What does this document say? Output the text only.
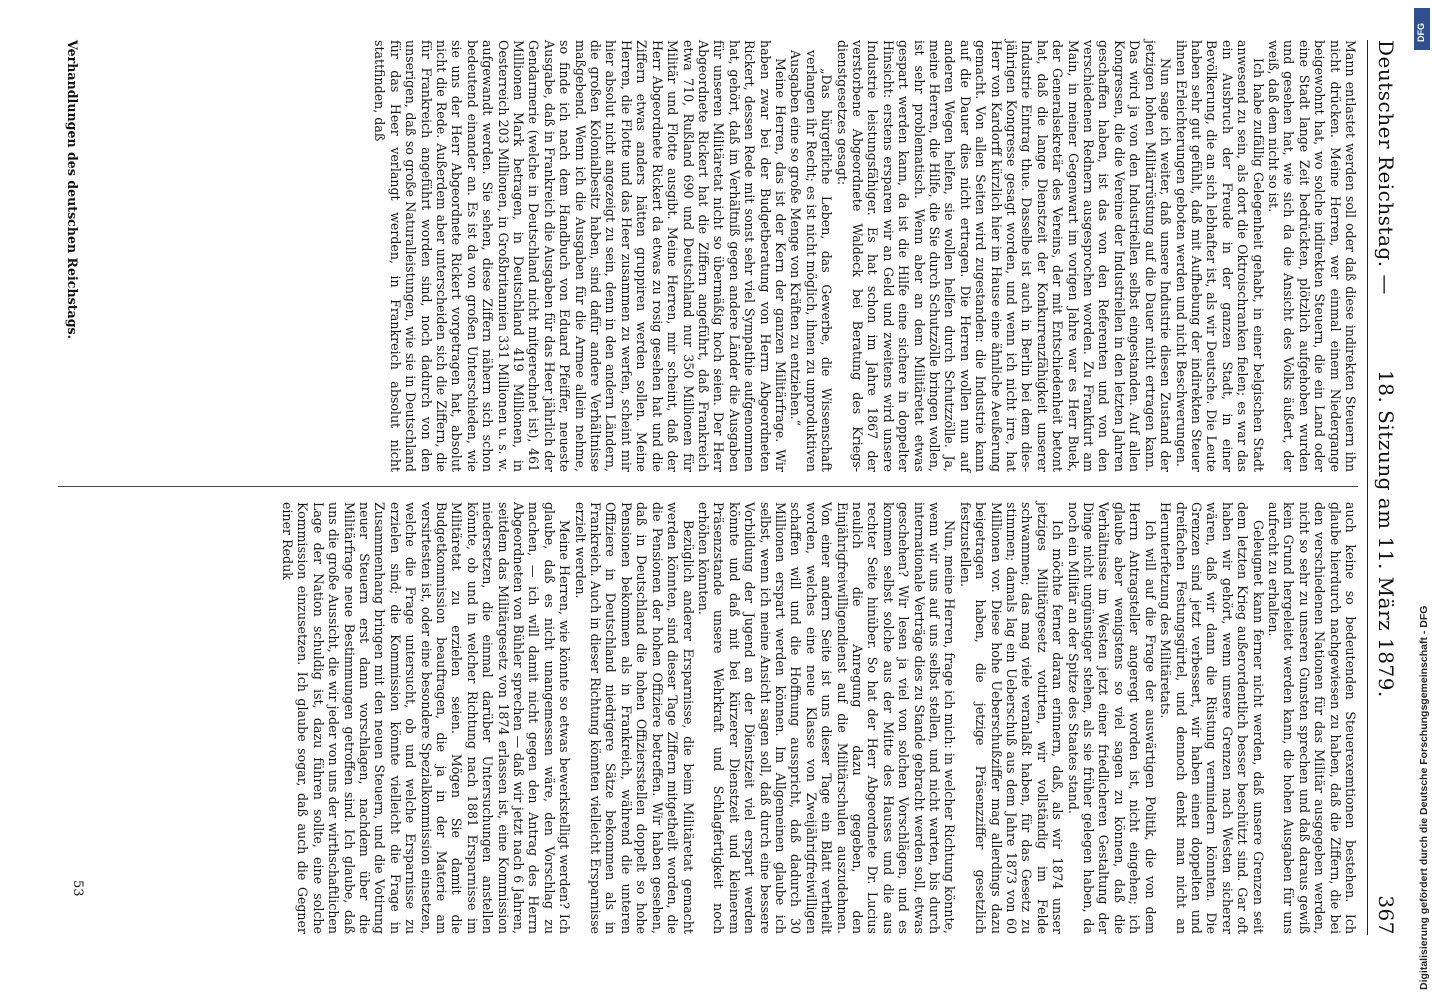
Deutscher Reichstag. —
18. Sitzung am 11. März 1879.
367

Mann entlastet werden soll oder daß diese indirekten Steuern ihn nicht drücken. Meine Herren, wer einmal einem Niedergange beigewohnt hat, wo solche indirekten Steuern, die ein Land oder eine Stadt lange Zeit bedrückten, plötzlich aufgehoben wurden und gesehen hat, wie sich da die Ansicht des Volks äußert, der weiß, daß dem nicht so ist.

Ich habe zufällig Gelegenheit gehabt, in einer belgischen Stadt anwesend zu sein, als dort die Oktroischranken fielen; es war das ein Ausbruch der Freude in der ganzen Stadt, in einer Bevölkerung, die an sich lebhafter ist, als wir Deutsche. Die Leute haben sehr gut gefühlt, daß mit Aufhebung der indirekten Steuer ihnen Erleichterungen geboten werden und nicht Beschwerungen.

Nun sage ich weiter, daß unsere Industrie diesen Zustand der jetzigen hohen Militärrüstung auf die Dauer nicht ertragen kann. Das wird ja von den Industriellen selbst eingestanden. Auf allen Kongressen, die die Vereine der Industriellen in den letzten Jahren geschaffen haben, ist das von den Referenten und von den verschiedenen Rednern ausgesprochen worden. Zu Frankfurt am Main, in meiner Gegenwart im vorigen Jahre war es Herr Buek, der Generalsekretär des Vereins, der mit Entschiedenheit betont hat, daß die lange Dienstzeit der Konkurrenzfähigkeit unserer Industrie Eintrag thue. Dasselbe ist auch in Berlin bei dem diesjährigen Kongresse gesagt worden, und wenn ich nicht irre, hat Herr von Kardorff kürzlich hier im Hause eine ähnliche Aeußerung gemacht. Von allen Seiten wird zugestanden: die Industrie kann auf die Dauer dies nicht ertragen. Die Herren wollen nun auf anderen Wegen helfen, sie wollen helfen durch Schutzzölle. Ja, meine Herren, die Hilfe, die Sie durch Schutzzölle bringen wollen, ist sehr problematisch. Wenn aber an dem Militäretat etwas gespart werden kann, da ist die Hilfe eine sichere in doppelter Hinsicht: erstens ersparen wir an Geld und zweitens wird unsere Industrie leistungsfähiger. Es hat schon im Jahre 1867 der verstorbene Abgeordnete Waldeck bei Beratung des Kriegsdienstgesetzes gesagt:

„Das bürgerliche Leben, das Gewerbe, die Wissenschaft verlangen ihr Recht; es ist nicht möglich, ihnen zu unproduktiven Ausgaben eine so große Menge von Kräften zu entziehen.“

Meine Herren, das ist der Kern der ganzen Militärfrage. Wir haben zwar bei der Budgetberatung von Herrn Abgeordneten Rickert, dessen Rede mit sonst sehr viel Sympathie aufgenommen hat, gehört, daß im Verhältniß gegen andere Länder die Ausgaben für unseren Militäretat nicht so übermäßig hoch seien. Der Herr Abgeordnete Rickert hat die Ziffern angeführt, daß Frankreich etwa 710, Rußland 690 und Deutschland nur 350 Millionen für Militär und Flotte ausgibt. Meine Herren, mir scheint, daß der Herr Abgeordnete Rickert da etwas zu rosig gesehen hat und die Ziffern etwas anders hätten gruppiren werden sollen. Meine Herren, die Flotte und das Heer zusammen zu werfen, scheint mir hier absolut nicht angezeigt zu sein, denn in den andern Ländern, die großen Kolonialbesitz haben, sind dafür andere Verhältnisse maßgebend. Wenn ich die Ausgaben für die Armee allein nehme, so finde ich nach dem Handbuch von Eduard Pfeiffer, neueste Ausgabe, daß in Frankreich die Ausgaben für das Heer jährlich der Gendarmerie (welche in Deutschland nicht mitgerechnet ist), 461 Millionen Mark betragen, in Deutschland 419 Millionen, in Oesterreich 203 Millionen, in Großbritannien 331 Millionen u. s. w. aufgewandt werden. Sie sehen, diese Ziffern nähern sich schon bedeutend einander an. Es ist da von großen Unterschieden, wie sie uns der Herr Abgeordnete Rickert vorgetragen hat, absolut nicht die Rede. Außerdem aber unterscheiden sich die Ziffern, die für Frankreich angeführt worden sind, noch dadurch von den unserigen, daß so große Naturalleistungen, wie sie in Deutschland für das Heer verlangt werden, in Frankreich absolut nicht stattfinden, daß

auch keine so bedeutenden Steuerexemtionen bestehen. Ich glaube hierdurch nachgewiesen zu haben, daß die Ziffern, die bei den verschiedenen Nationen für das Militär ausgegeben werden, nicht so sehr zu unseren Gunsten sprechen und daß daraus gewiß kein Grund hergeleitet werden kann, die hohen Ausgaben für uns aufrecht zu erhalten.

Geleugnet kann ferner nicht werden, daß unsere Grenzen seit dem letzten Krieg außerordentlich besser beschützt sind. Gar oft haben wir gehört, wenn unsere Grenzen nach Westen sicherer wären, daß wir dann die Rüstung vermindern könnten. Die Grenzen sind jetzt verbessert, wir haben einen doppelten und dreifachen Festungsgürtel, und dennoch denkt man nicht an Herunterfetzung des Militäretats.

Ich will auf die Frage der auswärtigen Politik, die von dem Herrn Antragsteller angeregt worden ist, nicht eingehen; ich glaube aber wenigstens so viel sagen zu können, daß die Verhältnisse im Westen jetzt einer friedlicheren Gestaltung der Dinge nicht ungünstiger stehen, als sie früher gelegen haben, da noch ein Militär an der Spitze des Staates stand.

Ich möchte ferner daran erinnern, daß, als wir 1874 unser jetziges Militärgesetz votirten, wir vollständig im Felde schwammen; das mag viele veranlaßt haben, für das Gesetz zu stimmen; damals lag ein Ueberschuß aus dem Jahre 1873 von 60 Millionen vor. Diese hohe Ueberschußziffer mag allerdings dazu beigetragen haben, die jetzige Präsenzziffer gesetzlich festzustellen.

Nun, meine Herren, frage ich mich: in welcher Richtung könnte, wenn wir uns auf uns selbst stellen, und nicht warten, bis durch internationale Verträge dies zu Stande gebracht werden soll, etwas geschehen? Wir lesen ja viel von solchen Vorschlägen, und es kommen selbst solche aus der Mitte des Hauses und die aus rechter Seite hinüber. So hat der Herr Abgeordnete Dr. Lucius neulich die Anregung dazu gegeben, den Einjährigfreiwilligendienst auf die Militärschulen auszudehnen. Von einer andern Seite ist uns dieser Tage ein Blatt vertheilt worden, welches eine neue Klasse von Zweijährigfreiwilligen schaffen will und die Hoffnung ausspricht, daß dadurch 30 Millionen erspart werden können. Im Allgemeinen glaube ich selbst, wenn ich meine Ansicht sagen soll, daß durch eine bessere Vorbildung der Jugend an der Dienstzeit viel erspart werden könnte und daß mit bei kürzerer Dienstzeit und kleinerem Präsenzstande unsere Wehrkraft und Schlagfertigkeit noch erhöhen könnten.

Bezüglich anderer Ersparnisse, die beim Militäretat gemacht werden könnten, sind dieser Tage Ziffern mitgetheilt worden, die die Pensionen der hohen Offiziere betreffen. Wir haben gesehen, daß in Deutschland die hohen Offiziersstellen doppelt so hohe Pensionen bekommen als in Frankreich, während die unteren Offiziere in Deutschland niedrigere Sätze bekommen als in Frankreich. Auch in dieser Richtung könnten vielleicht Ersparnisse erzielt werden.

Meine Herren, wie könnte so etwas bewerkstelligt werden? Ich glaube, daß es nicht unangemessen wäre, den Vorschlag zu machen, — ich will damit nicht gegen den Antrag des Herrn Abgeordneten von Bühler sprechen — daß wir jetzt nach 6 Jahren, seitdem das Militärgesetz von 1874 erlassen ist, eine Kommission niedersetzen, die einmal darüber Untersuchungen anstellen könnte, ob und in welcher Richtung nach 1881 Ersparnisse im Militäretat zu erzielen seien. Mögen Sie damit die Budgetkommission beauftragen, die ja in der Materie am versirtesten ist, oder eine besondere Spezialkommission einsetzen, welche die Frage untersucht, ob und welche Ersparnisse zu erzielen sind; die Kommission könnte vielleicht die Frage in Zusammenhang bringen mit den neuen Steuern, und die Votirung neuer Steuern erst dann vorschlagen, nachdem über die Militärfrage neue Bestimmungen getroffen sind. Ich glaube, daß uns die große Aussicht, die wir jeder von uns der wirthschaftlichen Lage der Nation schuldig ist, dazu führen sollte, eine solche Kommission einzusetzen. Ich glaube sogar, daß auch die Gegner einer Reduk

Verhandlungen des deutschen Reichstags.
53
DFG
Digitalisierung gefördert durch die Deutsche Forschungsgemeinschaft - DFG
